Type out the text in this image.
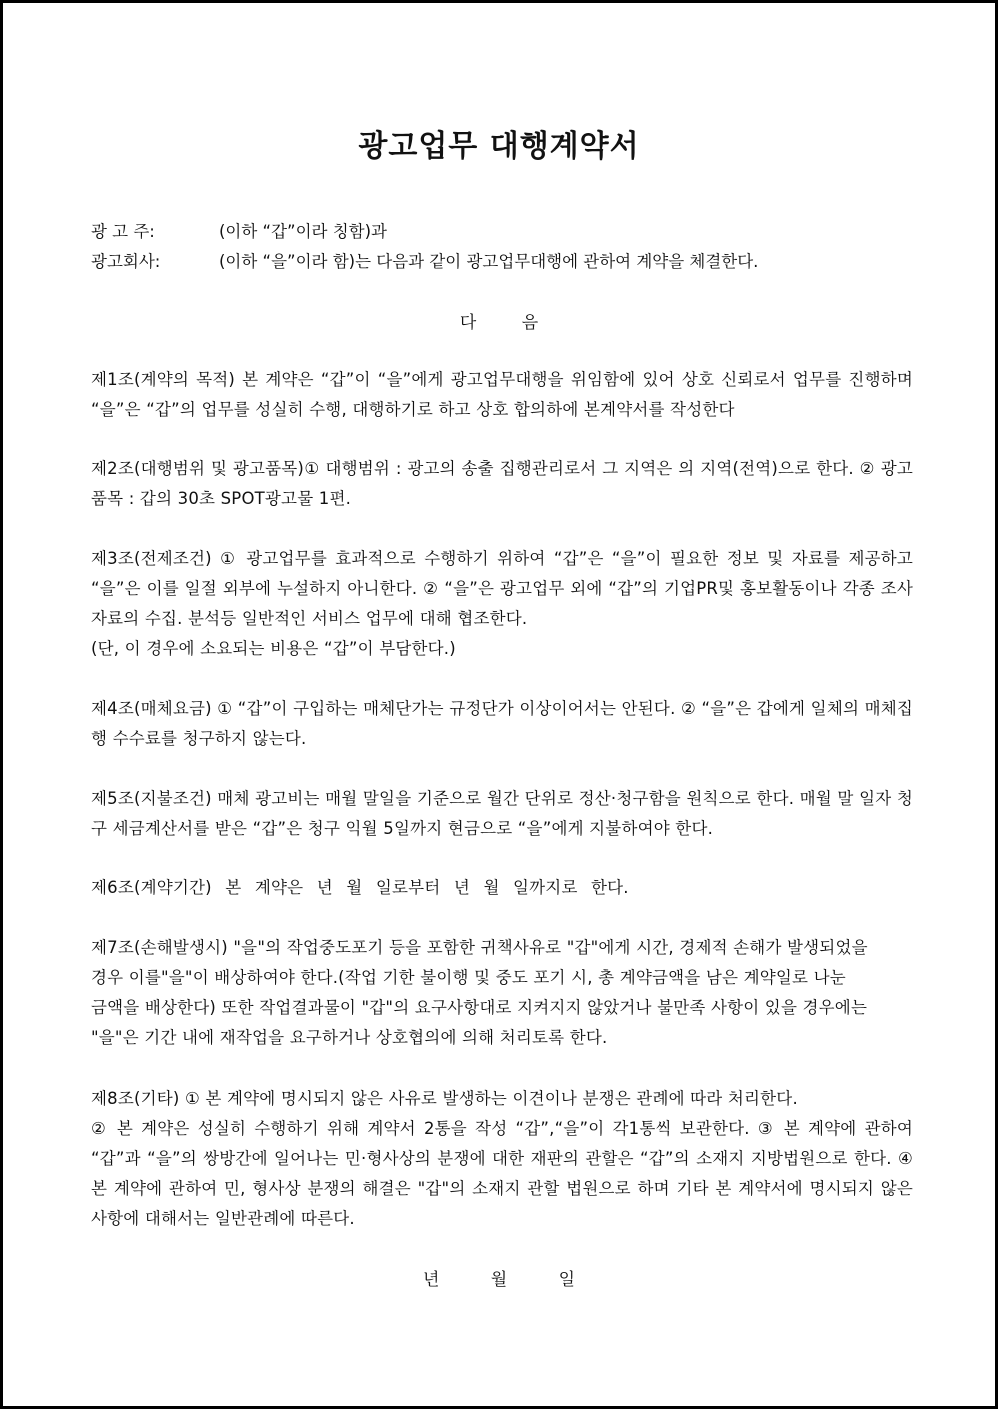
광고업무 대행계약서
광 고 주:	(이하 “갑”이라 칭함)과
광고회사:	(이하 “을”이라 함)는 다음과 같이 광고업무대행에 관하여 계약을 체결한다.
다 음

제1조(계약의 목적) 본 계약은 “갑”이 “을”에게 광고업무대행을 위임함에 있어 상호 신뢰로서 업무를 진행하며 “을”은 “갑”의 업무를 성실히 수행, 대행하기로 하고 상호 합의하에 본계약서를 작성한다

제2조(대행범위 및 광고품목)① 대행범위 : 광고의 송출 집행관리로서 그 지역은 의 지역(전역)으로 한다. ② 광고품목 : 갑의 30초 SPOT광고물 1편.

제3조(전제조건) ① 광고업무를 효과적으로 수행하기 위하여 “갑”은 “을”이 필요한 정보 및 자료를 제공하고 “을”은 이를 일절 외부에 누설하지 아니한다. ② “을”은 광고업무 외에 “갑”의 기업PR및 홍보활동이나 각종 조사 자료의 수집. 분석등 일반적인 서비스 업무에 대해 협조한다.

(단, 이 경우에 소요되는 비용은 “갑”이 부담한다.)

제4조(매체요금) ① “갑”이 구입하는 매체단가는 규정단가 이상이어서는 안된다. ② “을”은 갑에게 일체의 매체집행 수수료를 청구하지 않는다.

제5조(지불조건) 매체 광고비는 매월 말일을 기준으로 월간 단위로 정산·청구함을 원칙으로 한다. 매월 말 일자 청구 세금계산서를 받은 “갑”은 청구 익월 5일까지 현금으로 “을”에게 지불하여야 한다.

제6조(계약기간) 본 계약은 년 월 일로부터 년 월 일까지로 한다.

제7조(손해발생시) "을"의 작업중도포기 등을 포함한 귀책사유로 "갑"에게 시간, 경제적 손해가 발생되었을

경우 이를"을"이 배상하여야 한다.(작업 기한 불이행 및 중도 포기 시, 총 계약금액을 남은 계약일로 나눈

금액을 배상한다) 또한 작업결과물이 "갑"의 요구사항대로 지켜지지 않았거나 불만족 사항이 있을 경우에는

"을"은 기간 내에 재작업을 요구하거나 상호협의에 의해 처리토록 한다.

제8조(기타) ① 본 계약에 명시되지 않은 사유로 발생하는 이견이나 분쟁은 관례에 따라 처리한다.

② 본 계약은 성실히 수행하기 위해 계약서 2통을 작성 “갑”,“을”이 각1통씩 보관한다. ③ 본 계약에 관하여 “갑”과 “을”의 쌍방간에 일어나는 민·형사상의 분쟁에 대한 재판의 관할은 “갑”의 소재지 지방법원으로 한다. ④ 본 계약에 관하여 민, 형사상 분쟁의 해결은 "갑"의 소재지 관할 법원으로 하며 기타 본 계약서에 명시되지 않은 사항에 대해서는 일반관례에 따른다.

년 월 일
